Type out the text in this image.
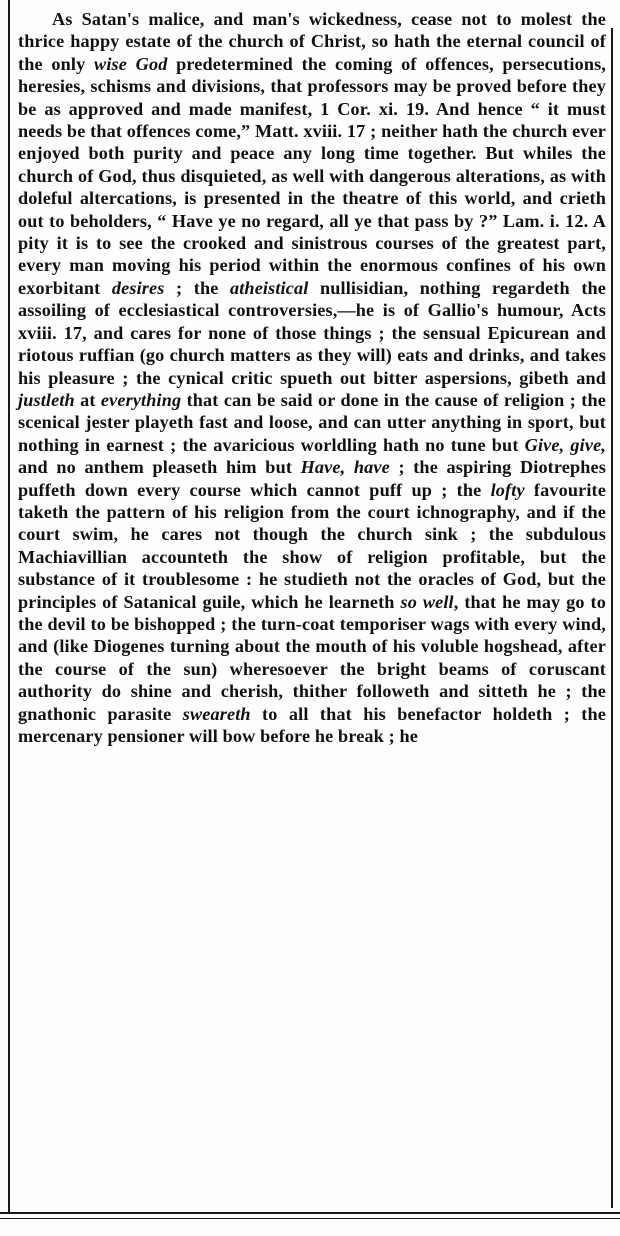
As Satan's malice, and man's wickedness, cease not to molest the thrice happy estate of the church of Christ, so hath the eternal council of the only wise God predetermined the coming of offences, persecutions, heresies, schisms and divisions, that professors may be proved before they be as approved and made manifest, 1 Cor. xi. 19. And hence “ it must needs be that offences come,” Matt. xviii. 17 ; neither hath the church ever enjoyed both purity and peace any long time together. But whiles the church of God, thus disquieted, as well with dangerous alterations, as with doleful altercations, is presented in the theatre of this world, and crieth out to beholders, “ Have ye no regard, all ye that pass by ?” Lam. i. 12. A pity it is to see the crooked and sinistrous courses of the greatest part, every man moving his period within the enormous confines of his own exorbitant desires ; the atheistical nullisidian, nothing regardeth the assoiling of ecclesiastical controversies,—he is of Gallio's humour, Acts xviii. 17, and cares for none of those things ; the sensual Epicurean and riotous ruffian (go church matters as they will) eats and drinks, and takes his pleasure ; the cynical critic spueth out bitter aspersions, gibeth and justleth at everything that can be said or done in the cause of religion ; the scenical jester playeth fast and loose, and can utter anything in sport, but nothing in earnest ; the avaricious worldling hath no tune but Give, give, and no anthem pleaseth him but Have, have ; the aspiring Diotrephes puffeth down every course which cannot puff up ; the lofty favourite taketh the pattern of his religion from the court ichnography, and if the court swim, he cares not though the church sink ; the subdulous Machiavillian accounteth the show of religion profitable, but the substance of it troublesome : he studieth not the oracles of God, but the principles of Satanical guile, which he learneth so well, that he may go to the devil to be bishopped ; the turn-coat temporiser wags with every wind, and (like Diogenes turning about the mouth of his voluble hogshead, after the course of the sun) wheresoever the bright beams of coruscant authority do shine and cherish, thither followeth and sitteth he ; the gnathonic parasite sweareth to all that his benefactor holdeth ; the mercenary pensioner will bow before he break ; he
